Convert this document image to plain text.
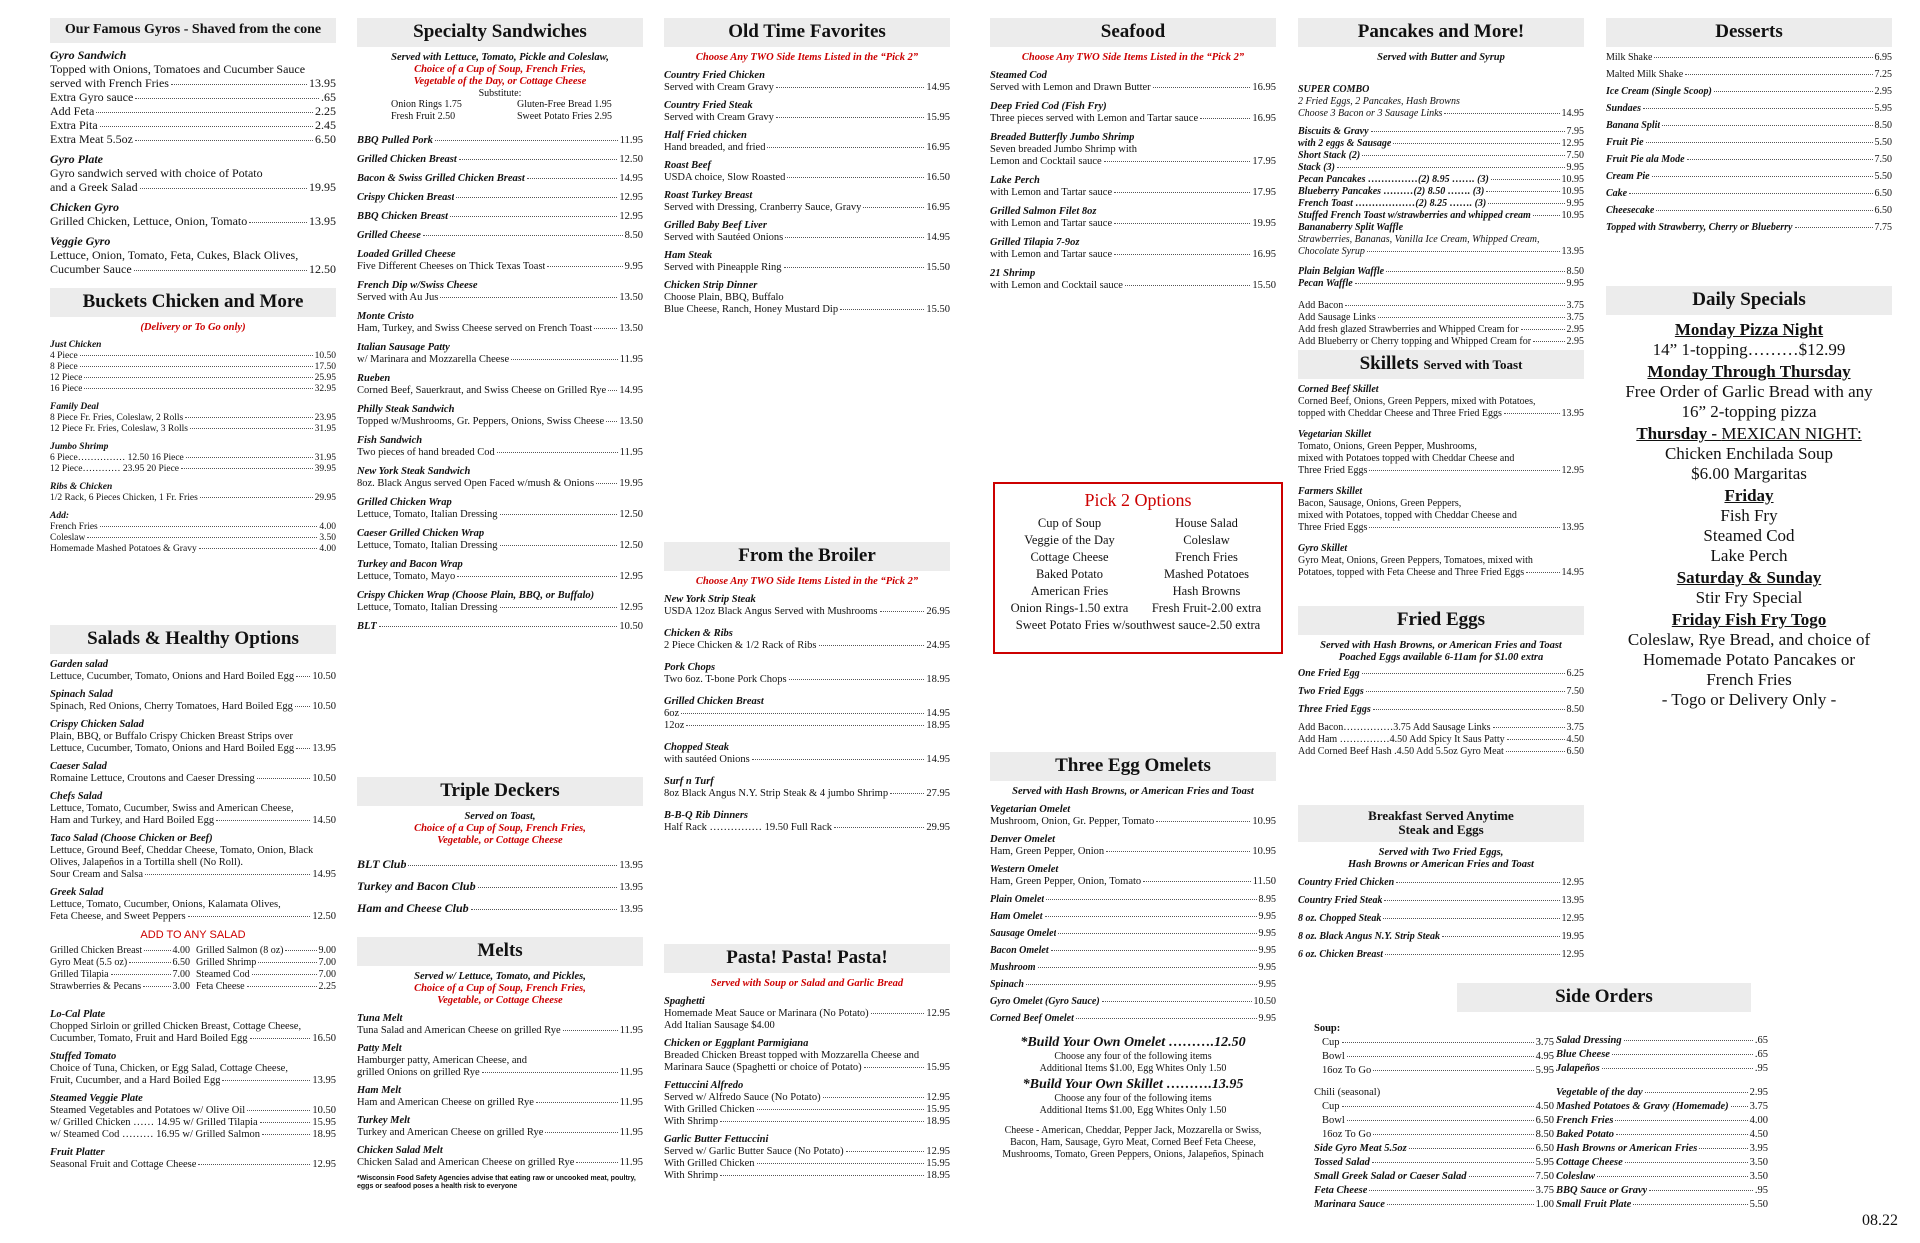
Our Famous Gyros - Shaved from the cone
Gyro Sandwich
Topped with Onions, Tomatoes and Cucumber Sauce
served with French Fries	13.95
Extra Gyro sauce	.65
Add Feta	2.25
Extra Pita	2.45
Extra Meat 5.5oz	6.50
Gyro Plate
Gyro sandwich served with choice of Potato
and a Greek Salad	19.95
Chicken Gyro
Grilled Chicken, Lettuce, Onion, Tomato	13.95
Veggie Gyro
Lettuce, Onion, Tomato, Feta, Cukes, Black Olives,
Cucumber Sauce	12.50
Buckets Chicken and More
(Delivery or To Go only)
Just Chicken
4 Piece	10.50
8 Piece	17.50
12 Piece	25.95
16 Piece	32.95
Family Deal
8 Piece Fr. Fries, Coleslaw, 2 Rolls	23.95
12 Piece Fr. Fries, Coleslaw, 3 Rolls	31.95
Jumbo Shrimp
6 Piece…………… 12.50 16 Piece	31.95
12 Piece………… 23.95 20 Piece	39.95
Ribs & Chicken
1/2 Rack, 6 Pieces Chicken, 1 Fr. Fries	29.95
Add:
French Fries	4.00
Coleslaw	3.50
Homemade Mashed Potatoes & Gravy	4.00
Salads & Healthy Options
Garden salad
Lettuce, Cucumber, Tomato, Onions and Hard Boiled Egg 10.50
Spinach Salad
Spinach, Red Onions, Cherry Tomatoes, Hard Boiled Egg 10.50
Crispy Chicken Salad
Plain, BBQ, or Buffalo Crispy Chicken Breast Strips over
Lettuce, Cucumber, Tomato, Onions and Hard Boiled Egg 13.95
Caeser Salad
Romaine Lettuce, Croutons and Caeser Dressing	10.50
Chefs Salad
Lettuce, Tomato, Cucumber, Swiss and American Cheese,
Ham and Turkey, and Hard Boiled Egg	14.50
Taco Salad (Choose Chicken or Beef)
Lettuce, Ground Beef, Cheddar Cheese, Tomato, Onion, Black
Olives, Jalapeños in a Tortilla shell (No Roll).
Sour Cream and Salsa	14.95
Greek Salad
Lettuce, Tomato, Cucumber, Onions, Kalamata Olives,
Feta Cheese, and Sweet Peppers	12.50
ADD TO ANY SALAD
Grilled Chicken Breast	4.00 Grilled Salmon (8 oz)	9.00
Gyro Meat (5.5 oz)	6.50 Grilled Shrimp	7.00
Grilled Tilapia	7.00 Steamed Cod	7.00
Strawberries & Pecans	3.00 Feta Cheese	2.25
Lo-Cal Plate
Chopped Sirloin or grilled Chicken Breast, Cottage Cheese,
Cucumber, Tomato, Fruit and Hard Boiled Egg	16.50
Stuffed Tomato
Choice of Tuna, Chicken, or Egg Salad, Cottage Cheese,
Fruit, Cucumber, and a Hard Boiled Egg	13.95
Steamed Veggie Plate
Steamed Vegetables and Potatoes w/ Olive Oil	10.50
w/ Grilled Chicken …… 14.95 w/ Grilled Tilapia	15.95
w/ Steamed Cod ……… 16.95 w/ Grilled Salmon	18.95
Fruit Platter
Seasonal Fruit and Cottage Cheese	12.95
Specialty Sandwiches
Served with Lettuce, Tomato, Pickle and Coleslaw,
Choice of a Cup of Soup, French Fries,
Vegetable of the Day, or Cottage Cheese
Substitute:
Onion Rings 1.75	Gluten-Free Bread 1.95
Fresh Fruit 2.50	Sweet Potato Fries 2.95
BBQ Pulled Pork	11.95
Grilled Chicken Breast	12.50
Bacon & Swiss Grilled Chicken Breast	14.95
Crispy Chicken Breast	12.95
BBQ Chicken Breast	12.95
Grilled Cheese	8.50
Loaded Grilled Cheese
Five Different Cheeses on Thick Texas Toast	9.95
French Dip w/Swiss Cheese
Served with Au Jus	13.50
Monte Cristo
Ham, Turkey, and Swiss Cheese served on French Toast	13.50
Italian Sausage Patty
w/ Marinara and Mozzarella Cheese	11.95
Rueben
Corned Beef, Sauerkraut, and Swiss Cheese on Grilled Rye 14.95
Philly Steak Sandwich
Topped w/Mushrooms, Gr. Peppers, Onions, Swiss Cheese 13.50
Fish Sandwich
Two pieces of hand breaded Cod	11.95
New York Steak Sandwich
8oz. Black Angus served Open Faced w/mush & Onions 19.95
Grilled Chicken Wrap
Lettuce, Tomato, Italian Dressing	12.50
Caeser Grilled Chicken Wrap
Lettuce, Tomato, Italian Dressing	12.50
Turkey and Bacon Wrap
Lettuce, Tomato, Mayo	12.95
Crispy Chicken Wrap (Choose Plain, BBQ, or Buffalo)
Lettuce, Tomato, Italian Dressing	12.95
BLT	10.50
Triple Deckers
Served on Toast,
Choice of a Cup of Soup, French Fries,
Vegetable, or Cottage Cheese
BLT Club	13.95
Turkey and Bacon Club	13.95
Ham and Cheese Club	13.95
Melts
Served w/ Lettuce, Tomato, and Pickles,
Choice of a Cup of Soup, French Fries,
Vegetable, or Cottage Cheese
Tuna Melt
Tuna Salad and American Cheese on grilled Rye	11.95
Patty Melt
Hamburger patty, American Cheese, and
grilled Onions on grilled Rye	11.95
Ham Melt
Ham and American Cheese on grilled Rye	11.95
Turkey Melt
Turkey and American Cheese on grilled Rye	11.95
Chicken Salad Melt
Chicken Salad and American Cheese on grilled Rye	11.95
*Wisconsin Food Safety Agencies advise that eating raw or uncooked meat, poultry, eggs or seafood poses a health risk to everyone
Old Time Favorites
Choose Any TWO Side Items Listed in the “Pick 2”
Country Fried Chicken
Served with Cream Gravy	14.95
Country Fried Steak
Served with Cream Gravy	15.95
Half Fried chicken
Hand breaded, and fried	16.95
Roast Beef
USDA choice, Slow Roasted	16.50
Roast Turkey Breast
Served with Dressing, Cranberry Sauce, Gravy	16.95
Grilled Baby Beef Liver
Served with Sautéed Onions	14.95
Ham Steak
Served with Pineapple Ring	15.50
Chicken Strip Dinner
Choose Plain, BBQ, Buffalo
Blue Cheese, Ranch, Honey Mustard Dip	15.50
From the Broiler
Choose Any TWO Side Items Listed in the “Pick 2”
New York Strip Steak
USDA 12oz Black Angus Served with Mushrooms	26.95
Chicken & Ribs
2 Piece Chicken & 1/2 Rack of Ribs	24.95
Pork Chops
Two 6oz. T-bone Pork Chops	18.95
Grilled Chicken Breast
6oz	14.95
12oz	18.95
Chopped Steak
with sautéed Onions	14.95
Surf n Turf
8oz Black Angus N.Y. Strip Steak & 4 jumbo Shrimp	27.95
B-B-Q Rib Dinners
Half Rack …………… 19.50 Full Rack	29.95
Pasta! Pasta! Pasta!
Served with Soup or Salad and Garlic Bread
Spaghetti
Homemade Meat Sauce or Marinara (No Potato)	12.95
Add Italian Sausage $4.00
Chicken or Eggplant Parmigiana
Breaded Chicken Breast topped with Mozzarella Cheese and
Marinara Sauce (Spaghetti or choice of Potato)	15.95
Fettuccini Alfredo
Served w/ Alfredo Sauce (No Potato)	12.95
With Grilled Chicken	15.95
With Shrimp	18.95
Garlic Butter Fettuccini
Served w/ Garlic Butter Sauce (No Potato)	12.95
With Grilled Chicken	15.95
With Shrimp	18.95
Seafood
Choose Any TWO Side Items Listed in the “Pick 2”
Steamed Cod
Served with Lemon and Drawn Butter	16.95
Deep Fried Cod (Fish Fry)
Three pieces served with Lemon and Tartar sauce	16.95
Breaded Butterfly Jumbo Shrimp
Seven breaded Jumbo Shrimp with
Lemon and Cocktail sauce	17.95
Lake Perch
with Lemon and Tartar sauce	17.95
Grilled Salmon Filet 8oz
with Lemon and Tartar sauce	19.95
Grilled Tilapia 7-9oz
with Lemon and Tartar sauce	16.95
21 Shrimp
with Lemon and Cocktail sauce	15.50
Three Egg Omelets
Served with Hash Browns, or American Fries and Toast
Vegetarian Omelet
Mushroom, Onion, Gr. Pepper, Tomato	10.95
Denver Omelet
Ham, Green Pepper, Onion	10.95
Western Omelet
Ham, Green Pepper, Onion, Tomato	11.50
Plain Omelet	8.95
Ham Omelet	9.95
Sausage Omelet	9.95
Bacon Omelet	9.95
Mushroom	9.95
Spinach	9.95
Gyro Omelet (Gyro Sauce)	10.50
Corned Beef Omelet	9.95
*Build Your Own Omelet ……….12.50
Choose any four of the following items
Additional Items $1.00, Egg Whites Only 1.50
*Build Your Own Skillet ……….13.95
Choose any four of the following items
Additional Items $1.00, Egg Whites Only 1.50
Cheese - American, Cheddar, Pepper Jack, Mozzarella or Swiss, Bacon, Ham, Sausage, Gyro Meat, Corned Beef Feta Cheese, Mushrooms, Tomato, Green Peppers, Onions, Jalapeños, Spinach
Pick 2 Options
Cup of Soup	House Salad
Veggie of the Day	Coleslaw
Cottage Cheese	French Fries
Baked Potato	Mashed Potatoes
American Fries	Hash Browns
Onion Rings-1.50 extra	Fresh Fruit-2.00 extra
Sweet Potato Fries w/southwest sauce-2.50 extra
Pancakes and More!
Served with Butter and Syrup
SUPER COMBO
2 Fried Eggs, 2 Pancakes, Hash Browns
Choose 3 Bacon or 3 Sausage Links	14.95
Biscuits & Gravy	7.95
with 2 eggs & Sausage	12.95
Short Stack (2)	7.50
Stack (3)	9.95
Pecan Pancakes ……………(2) 8.95 ……. (3)	10.95
Blueberry Pancakes ………(2) 8.50 ……. (3)	10.95
French Toast ………………(2) 8.25 ……. (3)	9.95
Stuffed French Toast w/strawberries and whipped cream	10.95
Bananaberry Split Waffle
Strawberries, Bananas, Vanilla Ice Cream, Whipped Cream,
Chocolate Syrup	13.95
Plain Belgian Waffle	8.50
Pecan Waffle	9.95
Add Bacon	3.75
Add Sausage Links	3.75
Add fresh glazed Strawberries and Whipped Cream for	2.95
Add Blueberry or Cherry topping and Whipped Cream for	2.95
Skillets Served with Toast
Corned Beef Skillet
Corned Beef, Onions, Green Peppers, mixed with Potatoes,
topped with Cheddar Cheese and Three Fried Eggs	13.95
Vegetarian Skillet
Tomato, Onions, Green Pepper, Mushrooms,
mixed with Potatoes topped with Cheddar Cheese and
Three Fried Eggs	12.95
Farmers Skillet
Bacon, Sausage, Onions, Green Peppers,
mixed with Potatoes, topped with Cheddar Cheese and
Three Fried Eggs	13.95
Gyro Skillet
Gyro Meat, Onions, Green Peppers, Tomatoes, mixed with
Potatoes, topped with Feta Cheese and Three Fried Eggs	14.95
Fried Eggs
Served with Hash Browns, or American Fries and Toast
Poached Eggs available 6-11am for $1.00 extra
One Fried Egg	6.25
Two Fried Eggs	7.50
Three Fried Eggs	8.50
Add Bacon……………3.75 Add Sausage Links	3.75
Add Ham ……………4.50 Add Spicy It Saus Patty	4.50
Add Corned Beef Hash .4.50 Add 5.5oz Gyro Meat	6.50
Breakfast Served Anytime
Steak and Eggs
Served with Two Fried Eggs,
Hash Browns or American Fries and Toast
Country Fried Chicken	12.95
Country Fried Steak	13.95
8 oz. Chopped Steak	12.95
8 oz. Black Angus N.Y. Strip Steak	19.95
6 oz. Chicken Breast	12.95
Desserts
Milk Shake	6.95
Malted Milk Shake	7.25
Ice Cream (Single Scoop)	2.95
Sundaes	5.95
Banana Split	8.50
Fruit Pie	5.50
Fruit Pie ala Mode	7.50
Cream Pie	5.50
Cake	6.50
Cheesecake	6.50
Topped with Strawberry, Cherry or Blueberry	7.75
Daily Specials
Monday Pizza Night
14” 1-topping………$12.99
Monday Through Thursday
Free Order of Garlic Bread with any
16” 2-topping pizza
Thursday - MEXICAN NIGHT:
Chicken Enchilada Soup
$6.00 Margaritas
Friday
Fish Fry
Steamed Cod
Lake Perch
Saturday & Sunday
Stir Fry Special
Friday Fish Fry Togo
Coleslaw, Rye Bread, and choice of
Homemade Potato Pancakes or
French Fries
- Togo or Delivery Only -
Side Orders
Soup:
Cup	3.75
Bowl	4.95
16oz To Go	5.95
Chili (seasonal)
Cup	4.50
Bowl	6.50
16oz To Go	8.50
Side Gyro Meat 5.5oz	6.50
Tossed Salad	5.95
Small Greek Salad or Caeser Salad	7.50
Feta Cheese	3.75
Marinara Sauce	1.00
Salad Dressing	.65
Blue Cheese	.65
Jalapeños	.95
Vegetable of the day	2.95
Mashed Potatoes & Gravy (Homemade) 3.75
French Fries	4.00
Baked Potato	4.50
Hash Browns or American Fries	3.95
Cottage Cheese	3.50
Coleslaw	3.50
BBQ Sauce or Gravy	.95
Small Fruit Plate	5.50
08.22
